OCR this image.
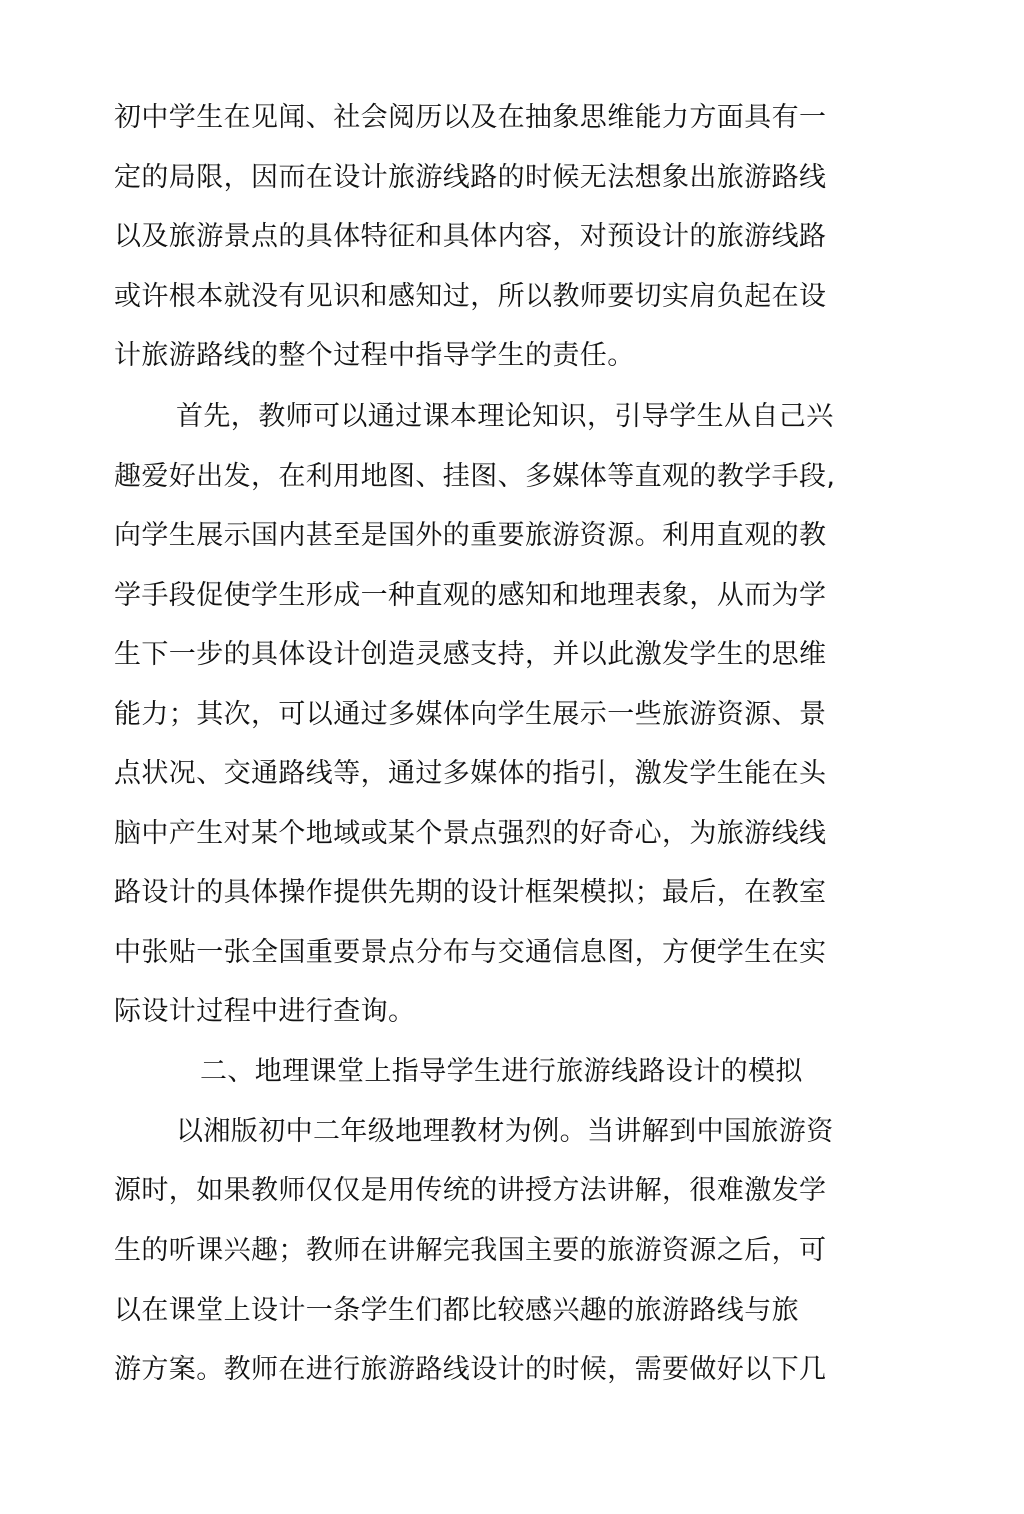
初中学生在见闻、社会阅历以及在抽象思维能力方面具有一
定的局限，因而在设计旅游线路的时候无法想象出旅游路线
以及旅游景点的具体特征和具体内容，对预设计的旅游线路
或许根本就没有见识和感知过，所以教师要切实肩负起在设
计旅游路线的整个过程中指导学生的责任。
首先，教师可以通过课本理论知识，引导学生从自己兴
趣爱好出发，在利用地图、挂图、多媒体等直观的教学手段,
向学生展示国内甚至是国外的重要旅游资源。利用直观的教
学手段促使学生形成一种直观的感知和地理表象，从而为学
生下一步的具体设计创造灵感支持，并以此激发学生的思维
能力；其次，可以通过多媒体向学生展示一些旅游资源、景
点状况、交通路线等，通过多媒体的指引，激发学生能在头
脑中产生对某个地域或某个景点强烈的好奇心，为旅游线线
路设计的具体操作提供先期的设计框架模拟；最后，在教室
中张贴一张全国重要景点分布与交通信息图，方便学生在实
际设计过程中进行查询。
二、地理课堂上指导学生进行旅游线路设计的模拟
以湘版初中二年级地理教材为例。当讲解到中国旅游资
源时，如果教师仅仅是用传统的讲授方法讲解，很难激发学
生的听课兴趣；教师在讲解完我国主要的旅游资源之后，可
以在课堂上设计一条学生们都比较感兴趣的旅游路线与旅
游方案。教师在进行旅游路线设计的时候，需要做好以下几
